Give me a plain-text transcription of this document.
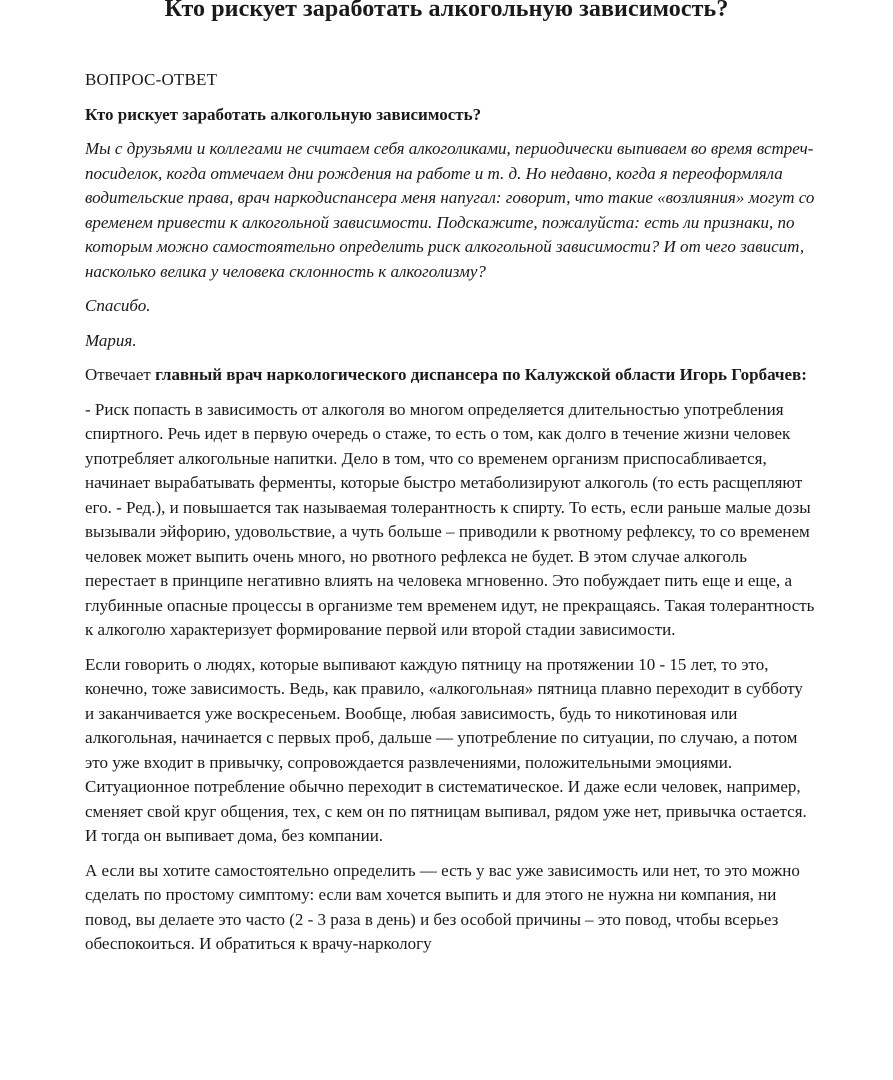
Кто рискует заработать алкогольную зависимость?

ВОПРОС-ОТВЕТ

Кто рискует заработать алкогольную зависимость?

Мы с друзьями и коллегами не считаем себя алкоголиками, периодически выпиваем во время встреч-посиделок, когда отмечаем дни рождения на работе и т. д. Но недавно, когда я переоформляла водительские права, врач наркодиспансера меня напугал: говорит, что такие «возлияния» могут со временем привести к алкогольной зависимости. Подскажите, пожалуйста: есть ли признаки, по которым можно самостоятельно определить риск алкогольной зависимости? И от чего зависит, насколько велика у человека склонность к алкоголизму?

Спасибо.

Мария.

Отвечает главный врач наркологического диспансера по Калужской области Игорь Горбачев:

- Риск попасть в зависимость от алкоголя во многом определяется длительностью употребления спиртного. Речь идет в первую очередь о стаже, то есть о том, как долго в течение жизни человек употребляет алкогольные напитки. Дело в том, что со временем организм приспосабливается, начинает вырабатывать ферменты, которые быстро метаболизируют алкоголь (то есть расщепляют его. - Ред.), и повышается так называемая толерантность к спирту. То есть, если раньше малые дозы вызывали эйфорию, удовольствие, а чуть больше – приводили к рвотному рефлексу, то со временем человек может выпить очень много, но рвотного рефлекса не будет. В этом случае алкоголь перестает в принципе негативно влиять на человека мгновенно. Это побуждает пить еще и еще, а глубинные опасные процессы в организме тем временем идут, не прекращаясь. Такая толерантность к алкоголю характеризует формирование первой или второй стадии зависимости.

Если говорить о людях, которые выпивают каждую пятницу на протяжении 10 - 15 лет, то это, конечно, тоже зависимость. Ведь, как правило, «алкогольная» пятница плавно переходит в субботу и заканчивается уже воскресеньем. Вообще, любая зависимость, будь то никотиновая или алкогольная, начинается с первых проб, дальше — употребление по ситуации, по случаю, а потом это уже входит в привычку, сопровождается развлечениями, положительными эмоциями. Ситуационное потребление обычно переходит в систематическое. И даже если человек, например, сменяет свой круг общения, тех, с кем он по пятницам выпивал, рядом уже нет, привычка остается. И тогда он выпивает дома, без компании.

А если вы хотите самостоятельно определить — есть у вас уже зависимость или нет, то это можно сделать по простому симптому: если вам хочется выпить и для этого не нужна ни компания, ни повод, вы делаете это часто (2 - 3 раза в день) и без особой причины – это повод, чтобы всерьез обеспокоиться. И обратиться к врачу-наркологу
